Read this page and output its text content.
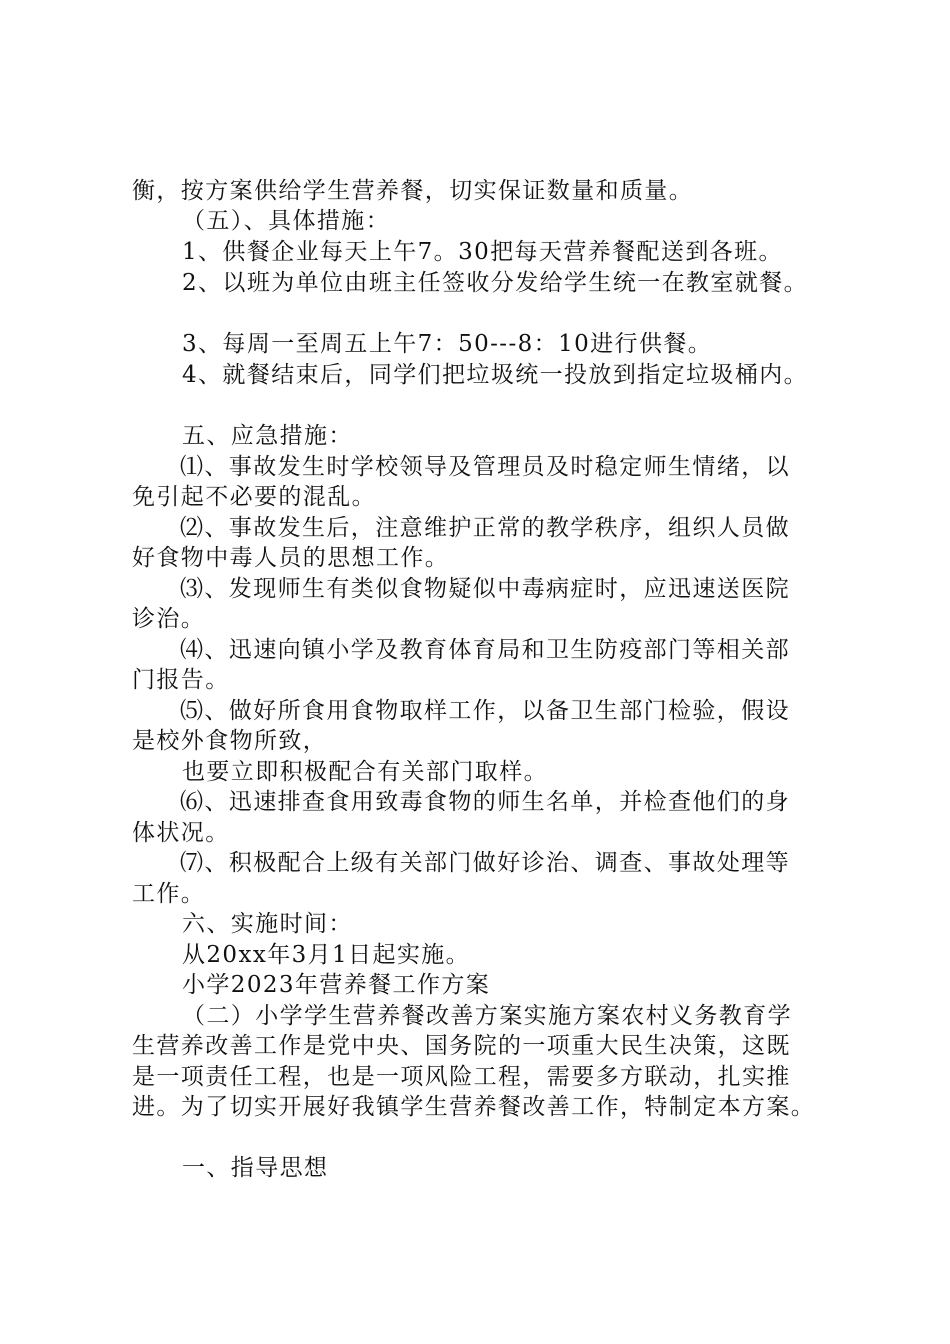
衡，按方案供给学生营养餐，切实保证数量和质量。
（五）、具体措施：
1、供餐企业每天上午7。30把每天营养餐配送到各班。
2、以班为单位由班主任签收分发给学生统一在教室就餐。
3、每周一至周五上午7：50---8：10进行供餐。
4、就餐结束后，同学们把垃圾统一投放到指定垃圾桶内。
五、应急措施：
⑴、事故发生时学校领导及管理员及时稳定师生情绪，以
免引起不必要的混乱。
⑵、事故发生后，注意维护正常的教学秩序，组织人员做
好食物中毒人员的思想工作。
⑶、发现师生有类似食物疑似中毒病症时，应迅速送医院
诊治。
⑷、迅速向镇小学及教育体育局和卫生防疫部门等相关部
门报告。
⑸、做好所食用食物取样工作，以备卫生部门检验，假设
是校外食物所致，
也要立即积极配合有关部门取样。
⑹、迅速排查食用致毒食物的师生名单，并检查他们的身
体状况。
⑺、积极配合上级有关部门做好诊治、调查、事故处理等
工作。
六、实施时间：
从20xx年3月1日起实施。
小学2023年营养餐工作方案
（二）小学学生营养餐改善方案实施方案农村义务教育学
生营养改善工作是党中央、国务院的一项重大民生决策，这既
是一项责任工程，也是一项风险工程，需要多方联动，扎实推
进。为了切实开展好我镇学生营养餐改善工作，特制定本方案。
一、指导思想
